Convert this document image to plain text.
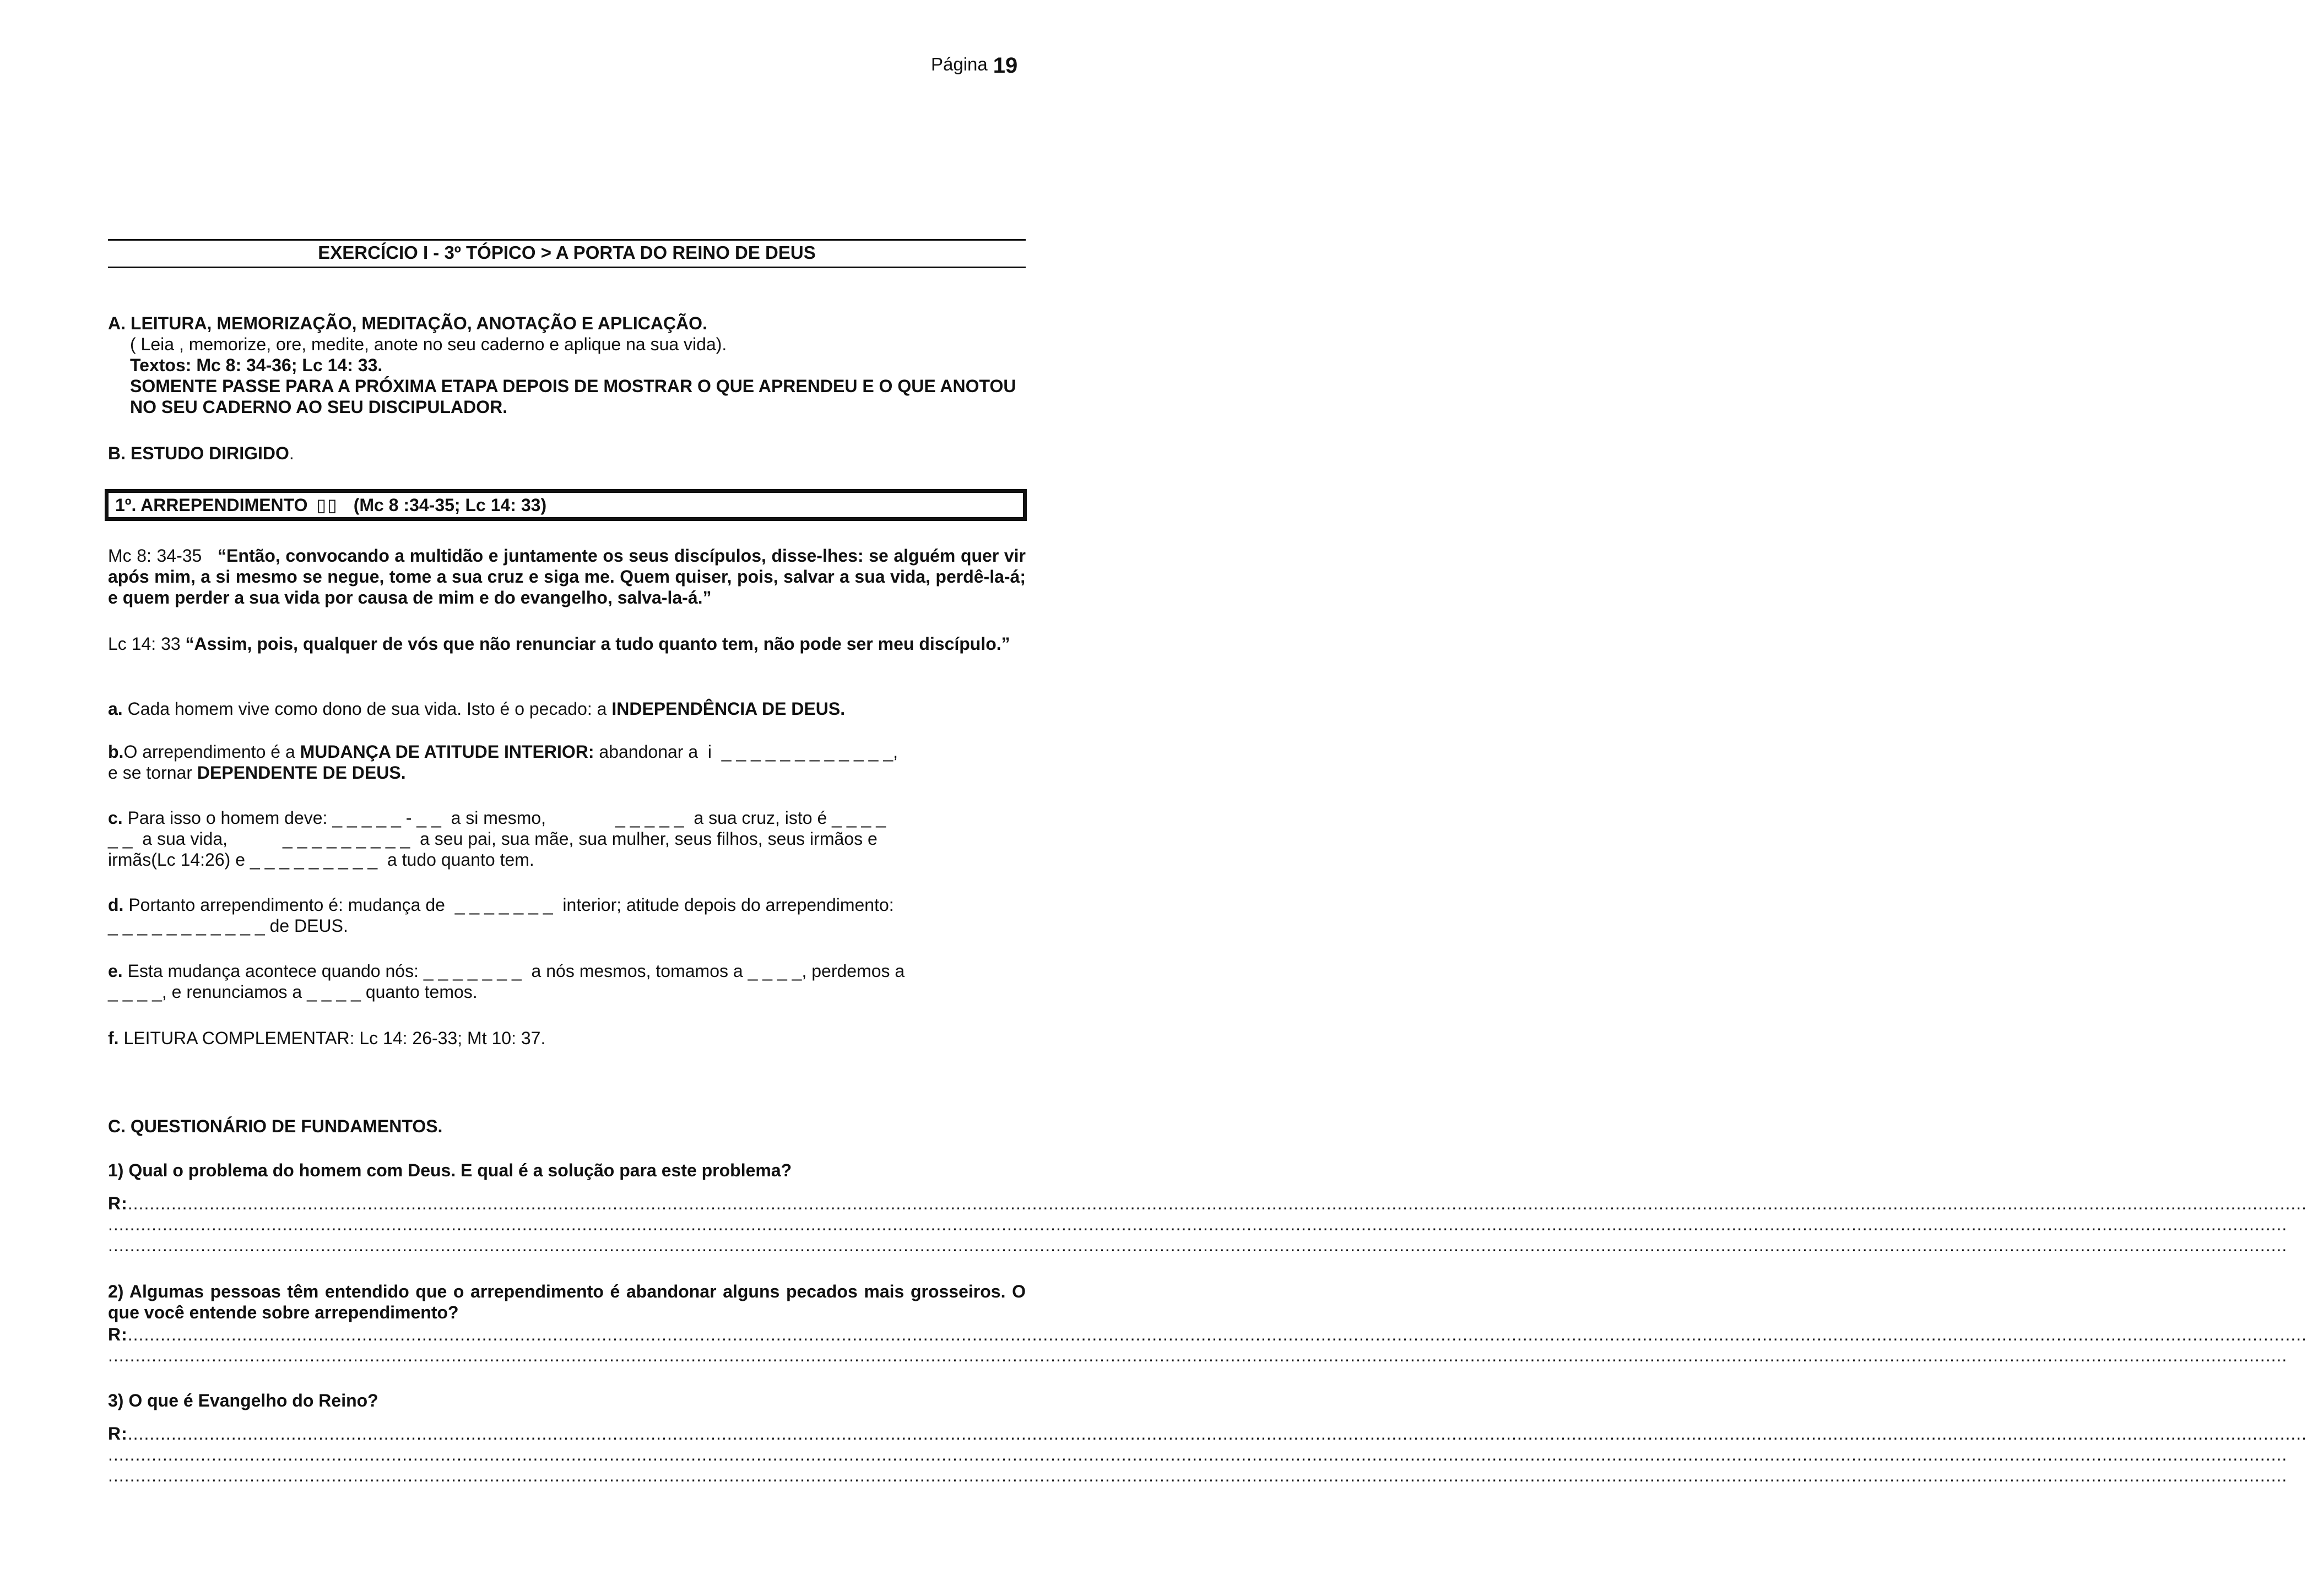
Página 19
EXERCÍCIO I - 3º TÓPICO > A PORTA DO REINO DE DEUS
A. LEITURA, MEMORIZAÇÃO, MEDITAÇÃO, ANOTAÇÃO E APLICAÇÃO.
( Leia , memorize, ore, medite, anote no seu caderno e aplique na sua vida).
Textos: Mc 8: 34-36; Lc 14: 33.
SOMENTE PASSE PARA A PRÓXIMA ETAPA DEPOIS DE MOSTRAR O QUE APRENDEU E O QUE ANOTOU NO SEU CADERNO AO SEU DISCIPULADOR.
B. ESTUDO DIRIGIDO.
1º. ARREPENDIMENTO ▯▯ (Mc 8 :34-35; Lc 14: 33)
Mc 8: 34-35 “Então, convocando a multidão e juntamente os seus discípulos, disse-lhes: se alguém quer vir após mim, a si mesmo se negue, tome a sua cruz e siga me. Quem quiser, pois, salvar a sua vida, perdê-la-á; e quem perder a sua vida por causa de mim e do evangelho, salva-la-á.”
Lc 14: 33 “Assim, pois, qualquer de vós que não renunciar a tudo quanto tem, não pode ser meu discípulo.”
a. Cada homem vive como dono de sua vida. Isto é o pecado: a INDEPENDÊNCIA DE DEUS.
b.O arrependimento é a MUDANÇA DE ATITUDE INTERIOR: abandonar a  i  _ _ _ _ _ _ _ _ _ _ _ _,
e se tornar DEPENDENTE DE DEUS.
c. Para isso o homem deve: _ _ _ _ _ - _ _  a si mesmo,	_ _ _ _ _  a sua cruz, isto é _ _ _ _
_ _  a sua vida,	_ _ _ _ _ _ _ _ _  a seu pai, sua mãe, sua mulher, seus filhos, seus irmãos e
irmãs(Lc 14:26) e _ _ _ _ _ _ _ _ _  a tudo quanto tem.
d. Portanto arrependimento é: mudança de  _ _ _ _ _ _ _  interior; atitude depois do arrependimento:
_ _ _ _ _ _ _ _ _ _ _ de DEUS.
e. Esta mudança acontece quando nós: _ _ _ _ _ _ _  a nós mesmos, tomamos a _ _ _ _, perdemos a
_ _ _ _, e renunciamos a _ _ _ _ quanto temos.
f. LEITURA COMPLEMENTAR: Lc 14: 26-33; Mt 10: 37.
C. QUESTIONÁRIO DE FUNDAMENTOS.
1) Qual o problema do homem com Deus. E qual é a solução para este problema?
R:................................................................................................................................................................................................................................................................................................................................................................................................................
................................................................................................................................................................................................................................................................................................................................................................................................................
................................................................................................................................................................................................................................................................................................................................................................................................................
2) Algumas pessoas têm entendido que o arrependimento é abandonar alguns pecados mais grosseiros. O que você entende sobre arrependimento?
R:................................................................................................................................................................................................................................................................................................................................................................................................................
................................................................................................................................................................................................................................................................................................................................................................................................................
3) O que é Evangelho do Reino?
R:................................................................................................................................................................................................................................................................................................................................................................................................................
................................................................................................................................................................................................................................................................................................................................................................................................................
................................................................................................................................................................................................................................................................................................................................................................................................................
